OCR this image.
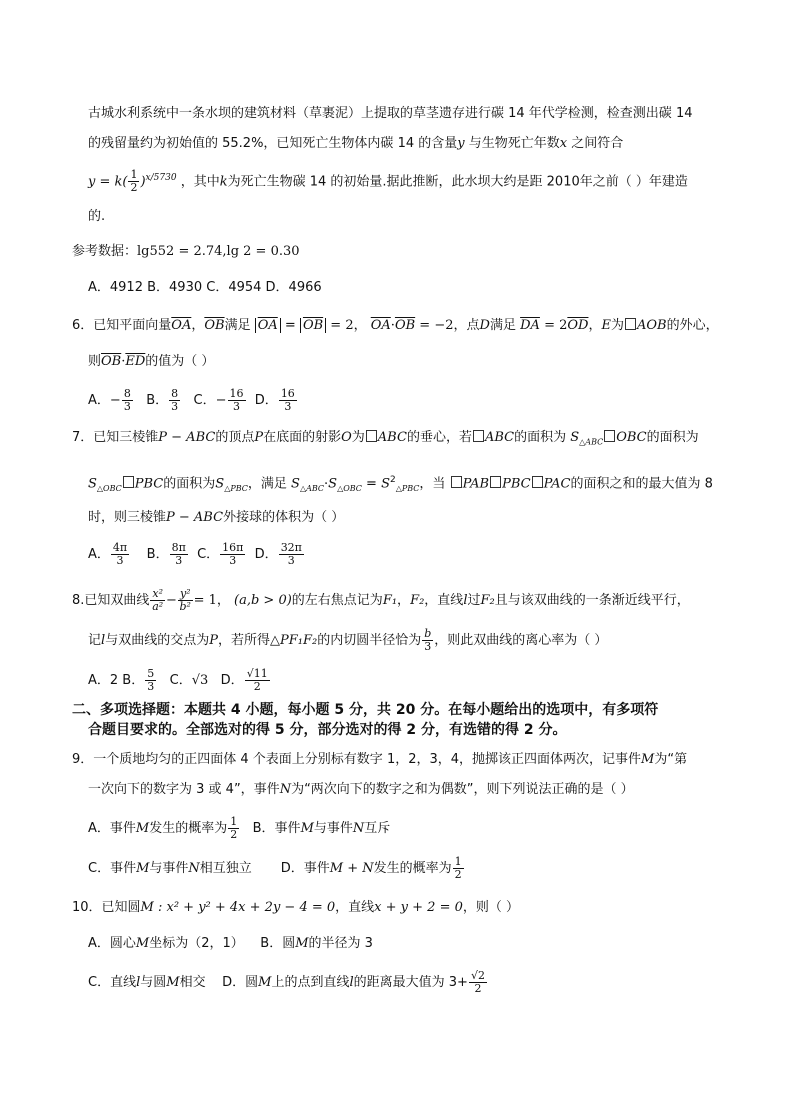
古城水利系统中一条水坝的建筑材料（草裹泥）上提取的草茎遗存进行碳 14 年代学检测，检查测出碳 14
的残留量约为初始值的 55.2%，已知死亡生物体内碳 14 的含量y 与生物死亡年数x 之间符合
$y = k( \frac{1}{2} )^{x/5730}$ ，其中k为死亡生物碳 14 的初始量.据此推断，此水坝大约是距 2010年之前（ ）年建造
的.
参考数据：lg552 = 2.74,lg 2 = 0.30
A．4912 B．4930 C．4954 D．4966
6．已知平面向量$\overline{OA}$，$\overline{OB}$满足 $\overline{OA} = \overline{OB} = 2$， $\overline{OA}\cdot\overline{OB} = -2$，点D满足 $\overline{DA} = 2\overline{OD}$，E为 AOB的外心，
则$\overline{OB}\cdot\overline{ED}$的值为（ ）
A．− $\frac{8}{3}$ B． $\frac{8}{3}$ C．− $\frac{16}{3}$ D． $\frac{16}{3}$
7．已知三棱锥P − ABC的顶点P在底面的射影O为 ABC的垂心，若 ABC的面积为 $S_{\triangle ABC}$ OBC的面积为
$S_{\triangle OBC}$ PBC的面积为$S_{\triangle PBC}$，满足 $S_{\triangle ABC}\cdot S_{\triangle OBC} = S^2_{\triangle PBC}$，当 PAB PBC PAC的面积之和的最大值为 8
时，则三棱锥P − ABC外接球的体积为（ ）
A． $\frac{4\pi}{3}$ B． $\frac{8\pi}{3}$ C． $\frac{16\pi}{3}$ D． $\frac{32\pi}{3}$
8.已知双曲线 $\frac{\text{x²}}{\text{a²}} - \frac{\text{y²}}{\text{b²}} = 1$， (a,b > 0)的左右焦点记为F₁，F₂，直线l过F₂且与该双曲线的一条渐近线平行，
记l与双曲线的交点为P，若所得△PF₁F₂的内切圆半径恰为 $\frac{b}{3}$ ，则此双曲线的离心率为（ ）
A．2 B． $\frac{5}{3}$ C．√3 D． $\frac{√11}{2}$
二、多项选择题：本题共 4 小题，每小题 5 分，共 20 分。在每小题给出的选项中，有多项符
合题目要求的。全部选对的得 5 分，部分选对的得 2 分，有选错的得 2 分。
9．一个质地均匀的正四面体 4 个表面上分别标有数字 1，2，3，4，抛掷该正四面体两次，记事件M为“第
一次向下的数字为 3 或 4”，事件N为“两次向下的数字之和为偶数”，则下列说法正确的是（ ）
A．事件M发生的概率为 $\frac{1}{2}$ B．事件M与事件N互斥
C．事件M与事件N相互独立 D．事件M + N发生的概率为 $\frac{1}{2}$
10．已知圆M : x² + y² + 4x + 2y − 4 = 0，直线x + y + 2 = 0，则（ ）
A．圆心M坐标为（2，1） B．圆M的半径为 3
C．直线l与圆M相交 D．圆M上的点到直线l的距离最大值为 $3+ \frac{√2}{2}$
